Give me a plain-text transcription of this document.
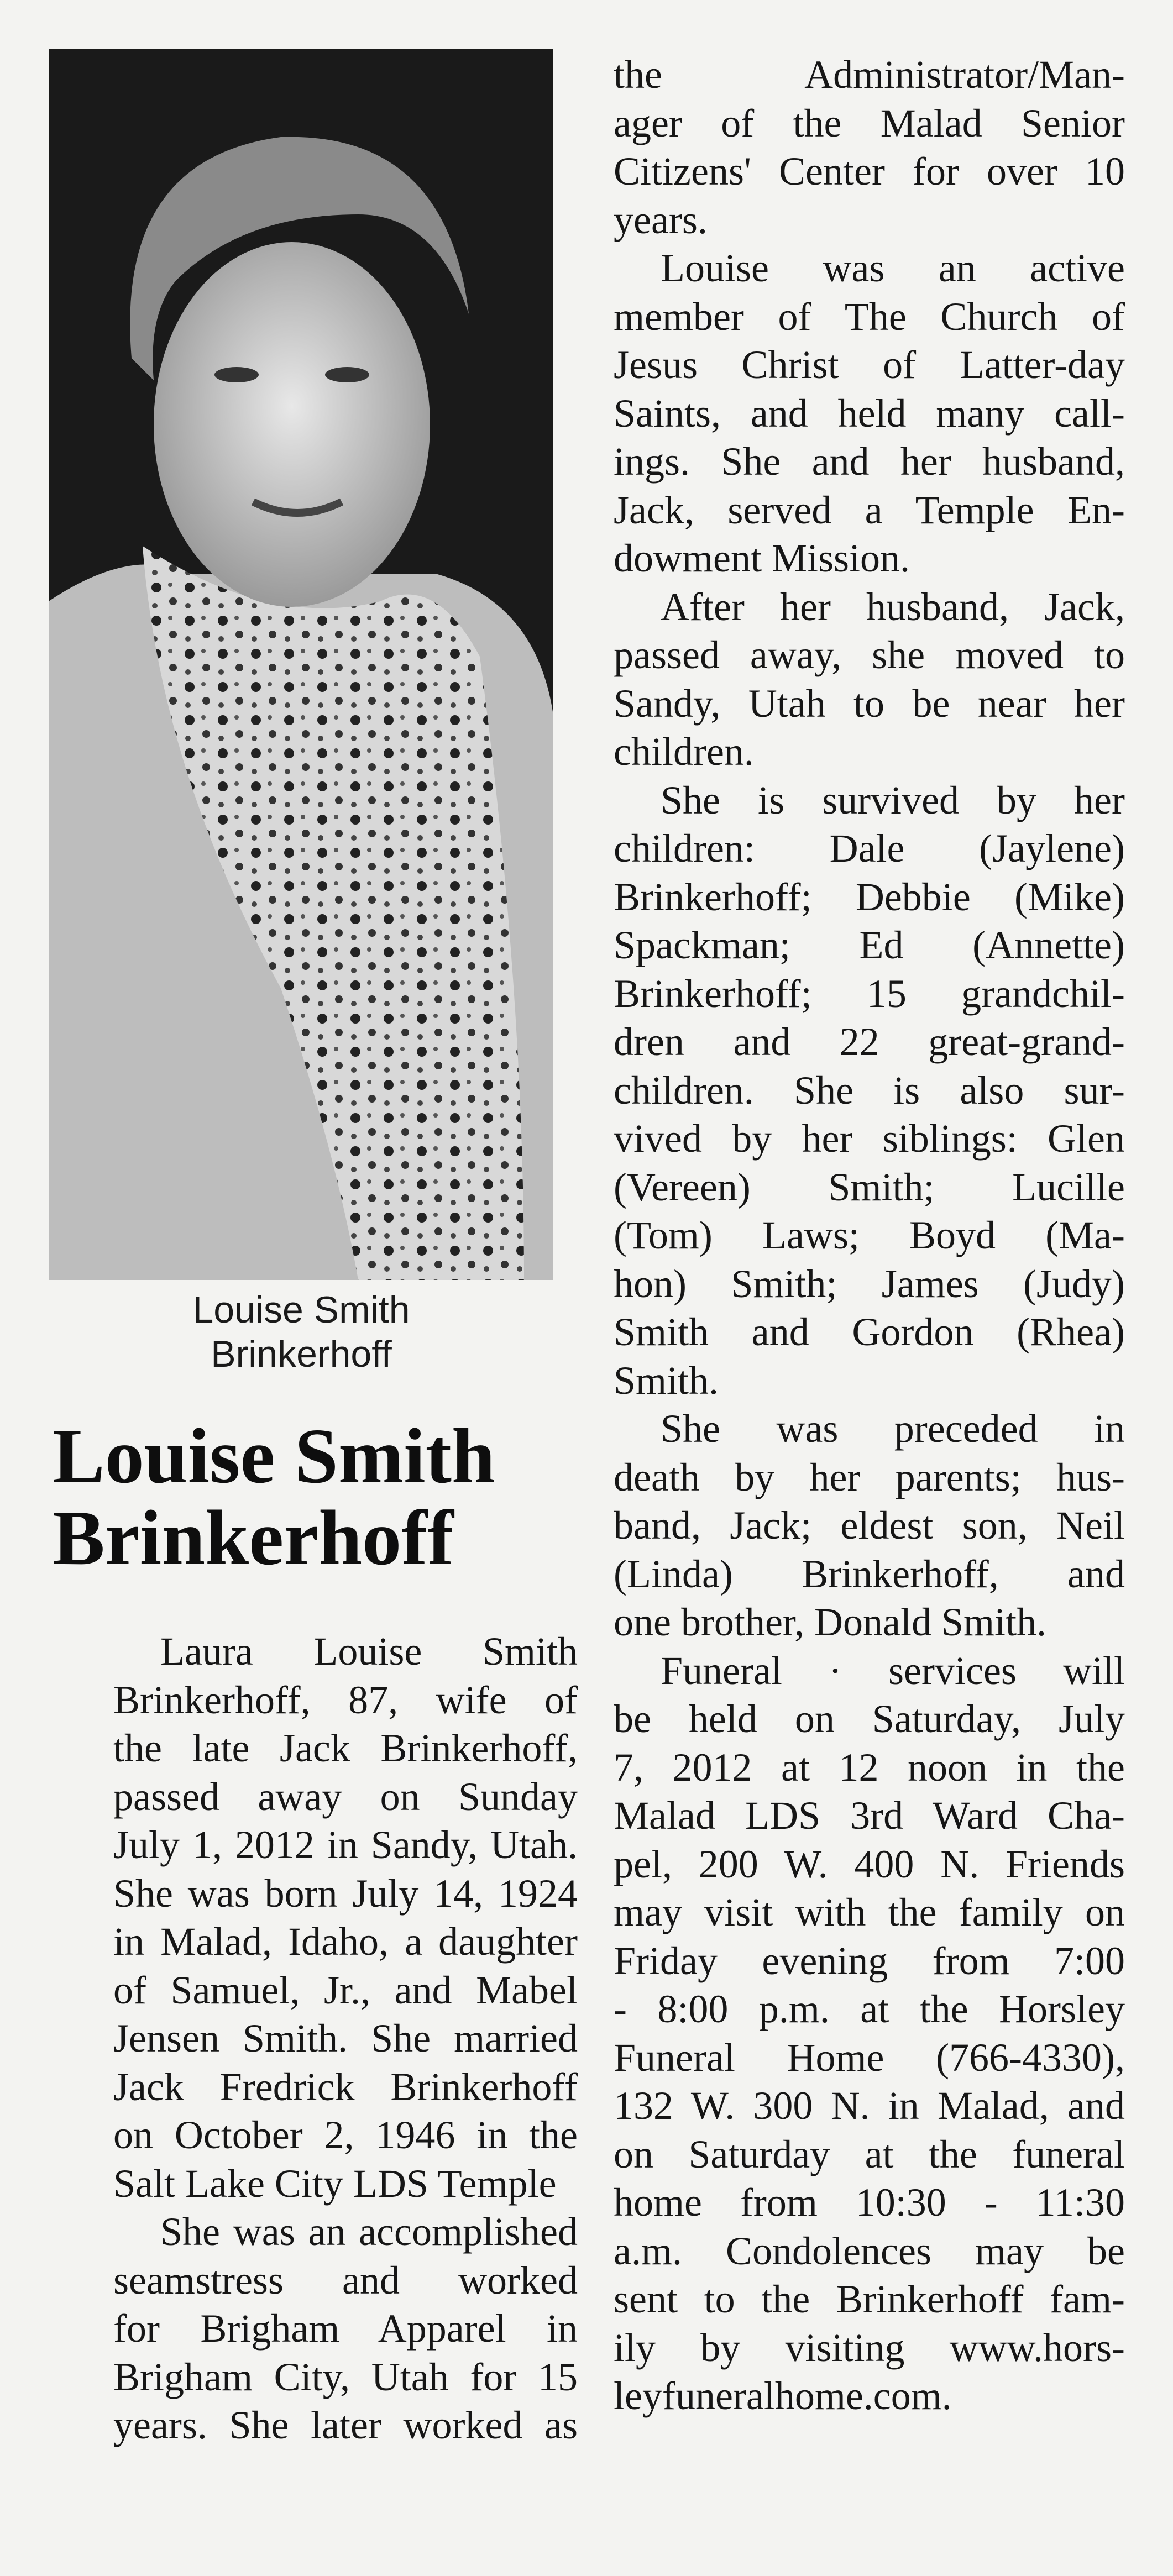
Louise Smith
Brinkerhoff
Louise Smith
Brinkerhoff
Laura Louise Smith
Brinkerhoff, 87, wife of
the late Jack Brinkerhoff,
passed away on Sunday
July 1, 2012 in Sandy, Utah.
She was born July 14, 1924
in Malad, Idaho, a daughter
of Samuel, Jr., and Mabel
Jensen Smith. She married
Jack Fredrick Brinkerhoff
on October 2, 1946 in the
Salt Lake City LDS Temple
She was an accomplished
seamstress and worked
for Brigham Apparel in
Brigham City, Utah for 15
years. She later worked as
the Administrator/Man-
ager of the Malad Senior
Citizens' Center for over 10
years.
Louise was an active
member of The Church of
Jesus Christ of Latter-day
Saints, and held many call-
ings. She and her husband,
Jack, served a Temple En-
dowment Mission.
After her husband, Jack,
passed away, she moved to
Sandy, Utah to be near her
children.
She is survived by her
children: Dale (Jaylene)
Brinkerhoff; Debbie (Mike)
Spackman; Ed (Annette)
Brinkerhoff; 15 grandchil-
dren and 22 great-grand-
children. She is also sur-
vived by her siblings: Glen
(Vereen) Smith; Lucille
(Tom) Laws; Boyd (Ma-
hon) Smith; James (Judy)
Smith and Gordon (Rhea)
Smith.
She was preceded in
death by her parents; hus-
band, Jack; eldest son, Neil
(Linda) Brinkerhoff, and
one brother, Donald Smith.
Funeral · services will
be held on Saturday, July
7, 2012 at 12 noon in the
Malad LDS 3rd Ward Cha-
pel, 200 W. 400 N. Friends
may visit with the family on
Friday evening from 7:00
- 8:00 p.m. at the Horsley
Funeral Home (766-4330),
132 W. 300 N. in Malad, and
on Saturday at the funeral
home from 10:30 - 11:30
a.m. Condolences may be
sent to the Brinkerhoff fam-
ily by visiting www.hors-
leyfuneralhome.com.
